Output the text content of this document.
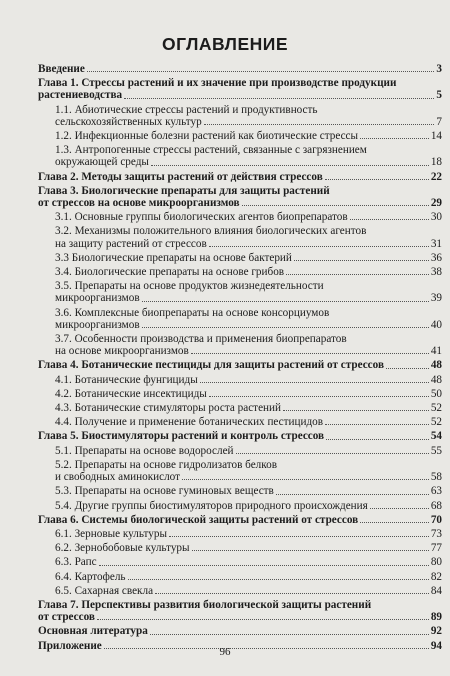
ОГЛАВЛЕНИЕ
Введение	3
Глава 1. Стрессы растений и их значение при производстве продукции
растениеводства	5
1.1. Абиотические стрессы растений и продуктивность
сельскохозяйственных культур	7
1.2. Инфекционные болезни растений как биотические стрессы	14
1.3. Антропогенные стрессы растений, связанные с загрязнением
окружающей среды	18
Глава 2. Методы защиты растений от действия стрессов	22
Глава 3. Биологические препараты для защиты растений
от стрессов на основе микроорганизмов	29
3.1. Основные группы биологических агентов биопрепаратов	30
3.2. Механизмы положительного влияния биологических агентов
на защиту растений от стрессов	31
3.3 Биологические препараты на основе бактерий	36
3.4. Биологические препараты на основе грибов	38
3.5. Препараты на основе продуктов жизнедеятельности
микроорганизмов	39
3.6. Комплексные биопрепараты на основе консорциумов
микроорганизмов	40
3.7. Особенности производства и применения биопрепаратов
на основе микроорганизмов	41
Глава 4. Ботанические пестициды для защиты растений от стрессов	48
4.1. Ботанические фунгициды	48
4.2. Ботанические инсектициды	50
4.3. Ботанические стимуляторы роста растений	52
4.4. Получение и применение ботанических пестицидов	52
Глава 5. Биостимуляторы растений и контроль стрессов	54
5.1. Препараты на основе водорослей	55
5.2. Препараты на основе гидролизатов белков
и свободных аминокислот	58
5.3. Препараты на основе гуминовых веществ	63
5.4. Другие группы биостимуляторов природного происхождения	68
Глава 6. Системы биологической защиты растений от стрессов	70
6.1. Зерновые культуры	73
6.2. Зернобобовые культуры	77
6.3. Рапс	80
6.4. Картофель	82
6.5. Сахарная свекла	84
Глава 7. Перспективы развития биологической защиты растений
от стрессов	89
Основная литература	92
Приложение	94
96
